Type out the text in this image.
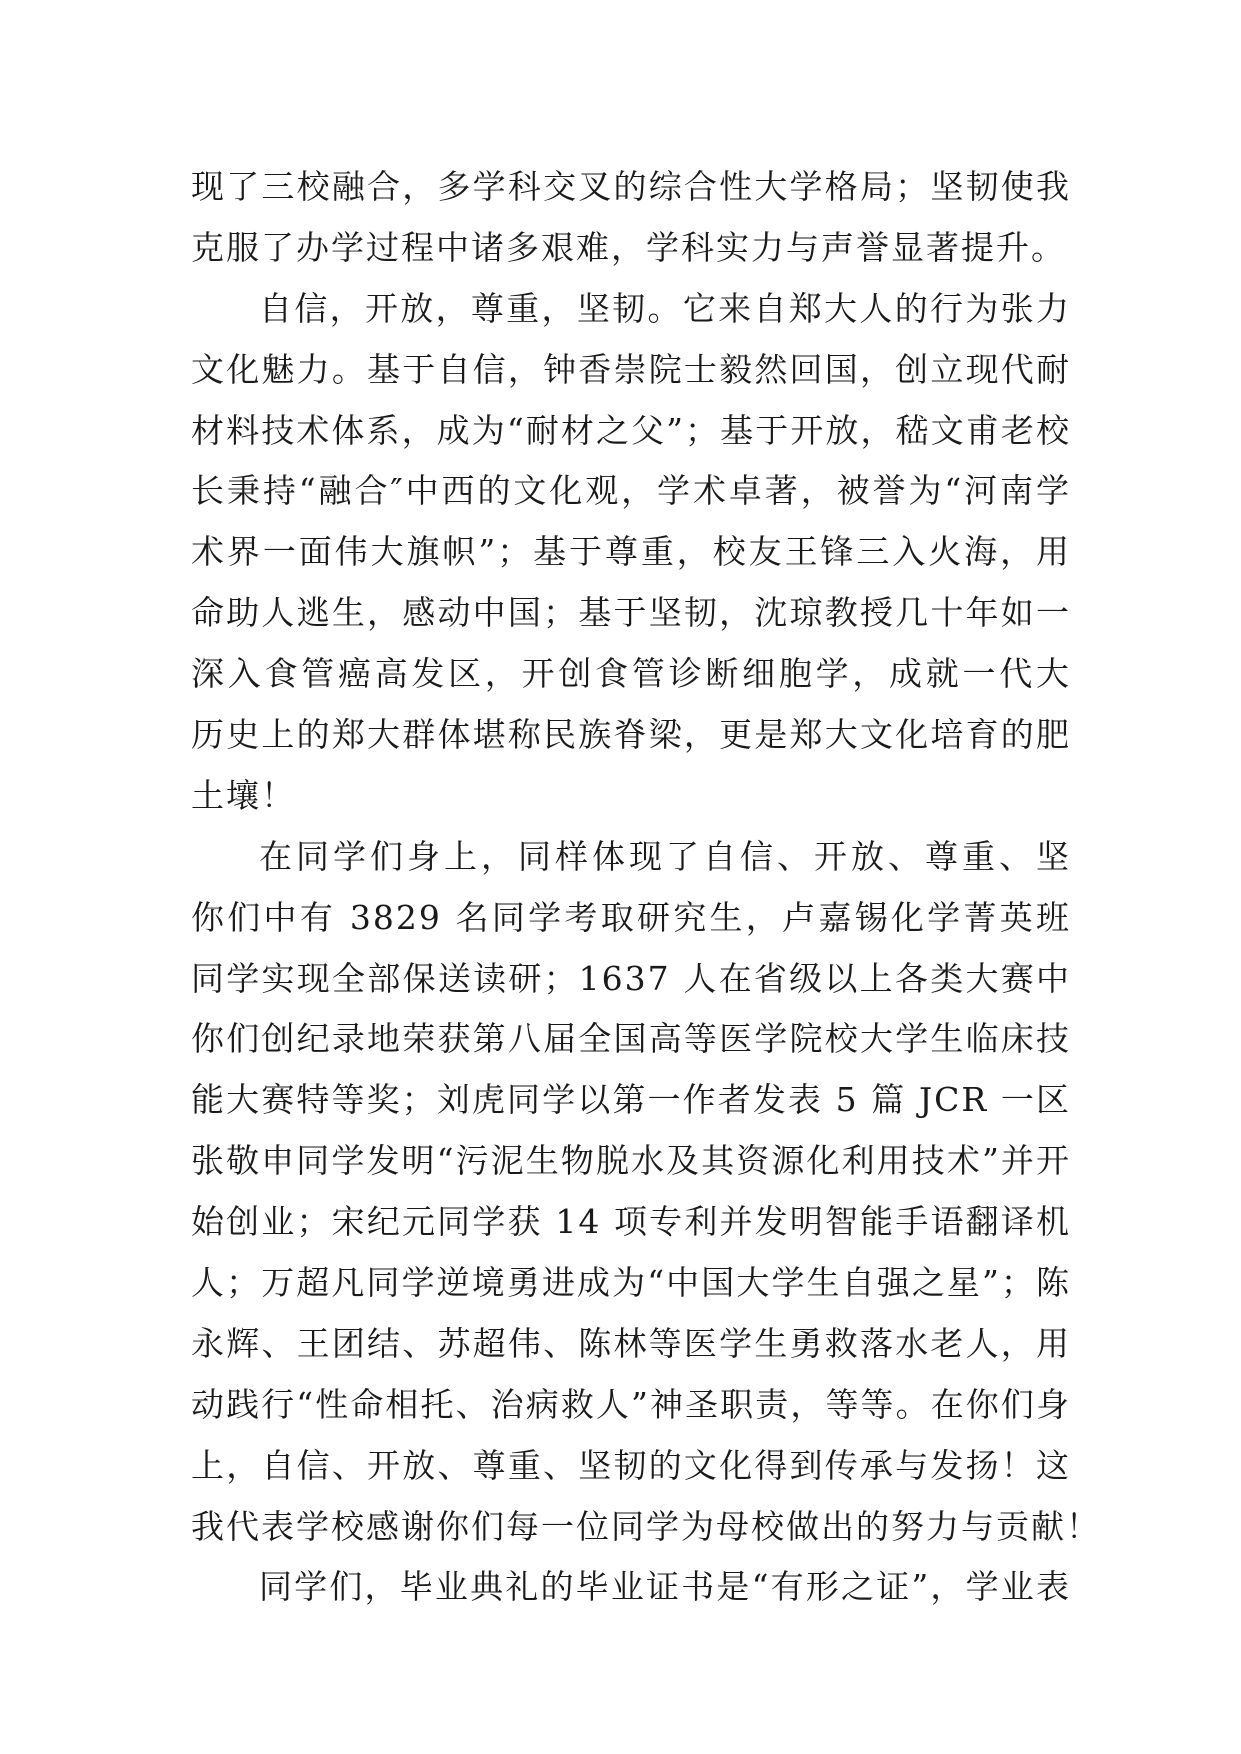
现了三校融合，多学科交叉的综合性大学格局；坚韧使我
克服了办学过程中诸多艰难，学科实力与声誉显著提升。
自信，开放，尊重，坚韧。它来自郑大人的行为张力
文化魅力。基于自信，钟香崇院士毅然回国，创立现代耐
材料技术体系，成为“耐材之父”；基于开放，嵇文甫老校
长秉持“融合″中西的文化观，学术卓著，被誉为“河南学
术界一面伟大旗帜”；基于尊重，校友王锋三入火海，用
命助人逃生，感动中国；基于坚韧，沈琼教授几十年如一
深入食管癌高发区，开创食管诊断细胞学，成就一代大
历史上的郑大群体堪称民族脊梁，更是郑大文化培育的肥
土壤！
在同学们身上，同样体现了自信、开放、尊重、坚
你们中有 3829 名同学考取研究生，卢嘉锡化学菁英班
同学实现全部保送读研；1637 人在省级以上各类大赛中
你们创纪录地荣获第八届全国高等医学院校大学生临床技
能大赛特等奖；刘虎同学以第一作者发表 5 篇 JCR 一区
张敬申同学发明“污泥生物脱水及其资源化利用技术”并开
始创业；宋纪元同学获 14 项专利并发明智能手语翻译机
人；万超凡同学逆境勇进成为“中国大学生自强之星”；陈
永辉、王团结、苏超伟、陈林等医学生勇救落水老人，用
动践行“性命相托、治病救人”神圣职责，等等。在你们身
上，自信、开放、尊重、坚韧的文化得到传承与发扬！这
我代表学校感谢你们每一位同学为母校做出的努力与贡献！
同学们，毕业典礼的毕业证书是“有形之证”，学业表
